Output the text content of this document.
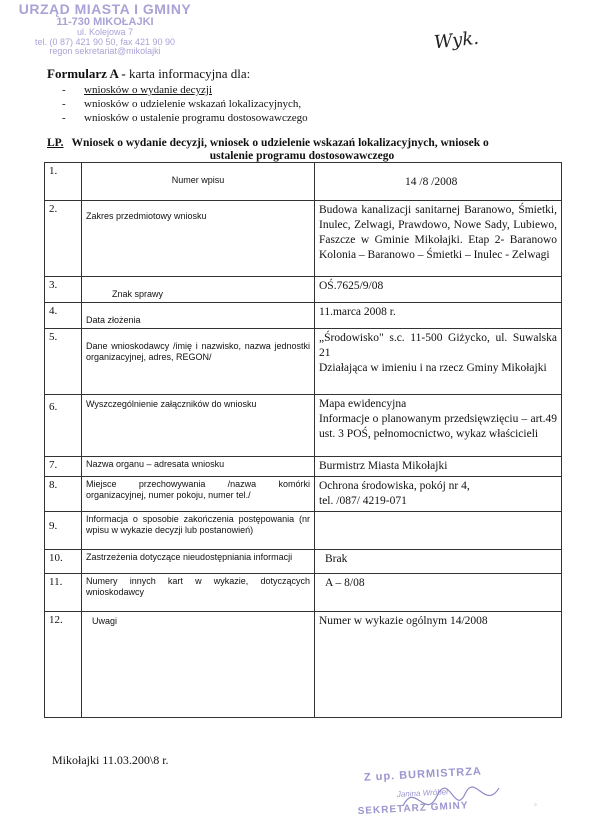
URZĄD MIASTA I GMINY
11-730 MIKOŁAJKI
ul. Kolejowa 7
tel. (0 87) 421 90 50, fax 421 90 90
regon sekretariat@mikolajki	Wyk.
Formularz A - karta informacyjna dla:
- wniosków o wydanie decyzji
- wniosków o udzielenie wskazań lokalizacyjnych,
- wniosków o ustalenie programu dostosowawczego
LP. Wniosek o wydanie decyzji, wniosek o udzielenie wskazań lokalizacyjnych, wniosek o
ustalenie programu dostosowawczego
1.	Numer wpisu	14 /8 /2008
2.	Zakres przedmiotowy wniosku	Budowa kanalizacji sanitarnej Baranowo, Śmietki, Inulec, Zelwagi, Prawdowo, Nowe Sady, Lubiewo, Faszcze w Gminie Mikołajki. Etap 2- Baranowo Kolonia – Baranowo – Śmietki – Inulec - Zelwagi
3.	Znak sprawy	OŚ.7625/9/08
4.	Data złożenia	11.marca 2008 r.
5.	Dane wnioskodawcy /imię i nazwisko, nazwa jednostki organizacyjnej, adres, REGON/	„Środowisko" s.c. 11-500 Giżycko, ul. Suwalska 21
Działająca w imieniu i na rzecz Gminy Mikołajki

6.	Wyszczególnienie załączników do wniosku	Mapa ewidencyjna
Informacje o planowanym przedsięwzięciu – art.49 ust. 3 POŚ, pełnomocnictwo, wykaz właścicieli

7.	Nazwa organu – adresata wniosku	Burmistrz Miasta Mikołajki
8.	Miejsce przechowywania /nazwa komórki organizacyjnej, numer pokoju, numer tel./	Ochrona środowiska, pokój nr 4,
tel. /087/ 4219-071

9.	Informacja o sposobie zakończenia postępowania (nr wpisu w wykazie decyzji lub postanowień)	
10.	Zastrzeżenia dotyczące nieudostępniania informacji	Brak
11.	Numery innych kart w wykazie, dotyczących wnioskodawcy	A – 8/08
12.	Uwagi	Numer w wykazie ogólnym 14/2008
Mikołajki 11.03.200\8 r.
Z up. BURMISTRZA
Janina Wróbel
SEKRETARZ GMINY	◦
